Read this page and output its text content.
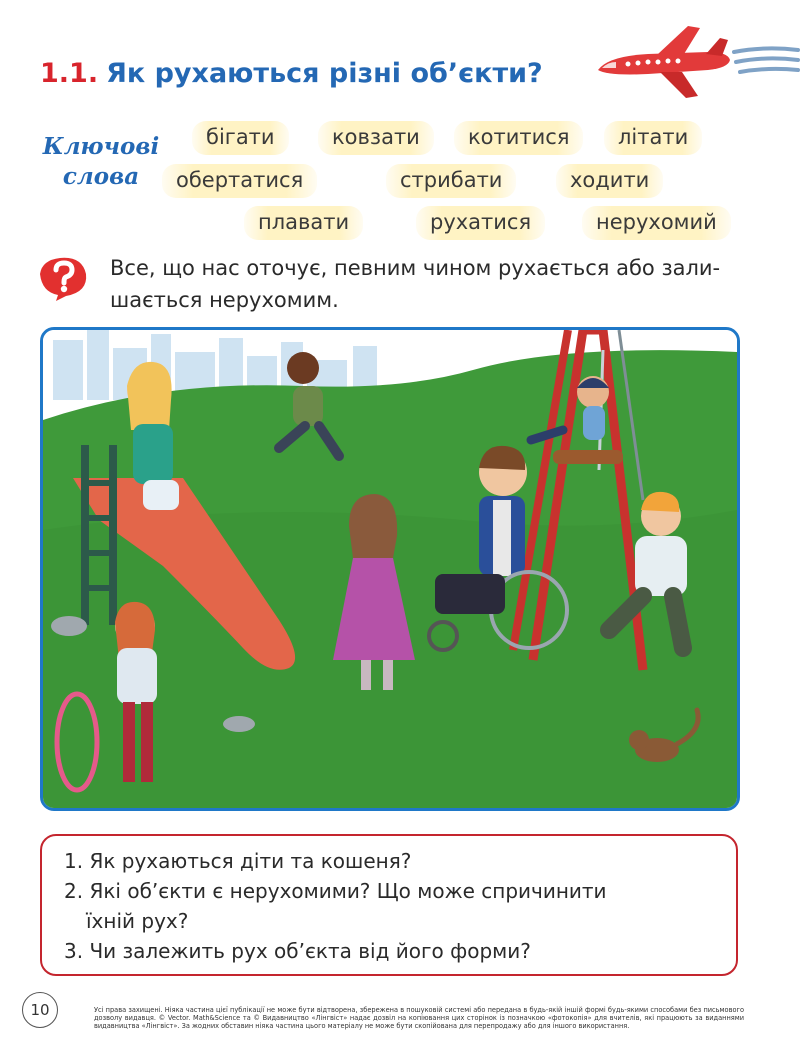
1.1. Як рухаються різні об’єкти?
Ключові
слова
бігати	ковзати	котитися	літати
обертатися	стрибати	ходити
плавати	рухатися	нерухомий
Все, що нас оточує, певним чином рухається або зали-
шається нерухомим.
1. Як рухаються діти та кошеня?
2. Які об’єкти є нерухомими? Що може спричинити
їхній рух?
3. Чи залежить рух об’єкта від його форми?
10	Усі права захищені. Ніяка частина цієї публікації не може бути відтворена, збережена в пошуковій системі або передана в будь-якій іншій формі будь-якими способами без письмового дозволу видавця. © Vector. Math&Science та © Видавництво «Лінгвіст» надає дозвіл на копіювання цих сторінок із позначкою «фотокопія» для вчителів, які працюють за виданнями видавництва «Лінгвіст». За жодних обставин ніяка частина цього матеріалу не може бути скопійована для перепродажу або для іншого використання.
